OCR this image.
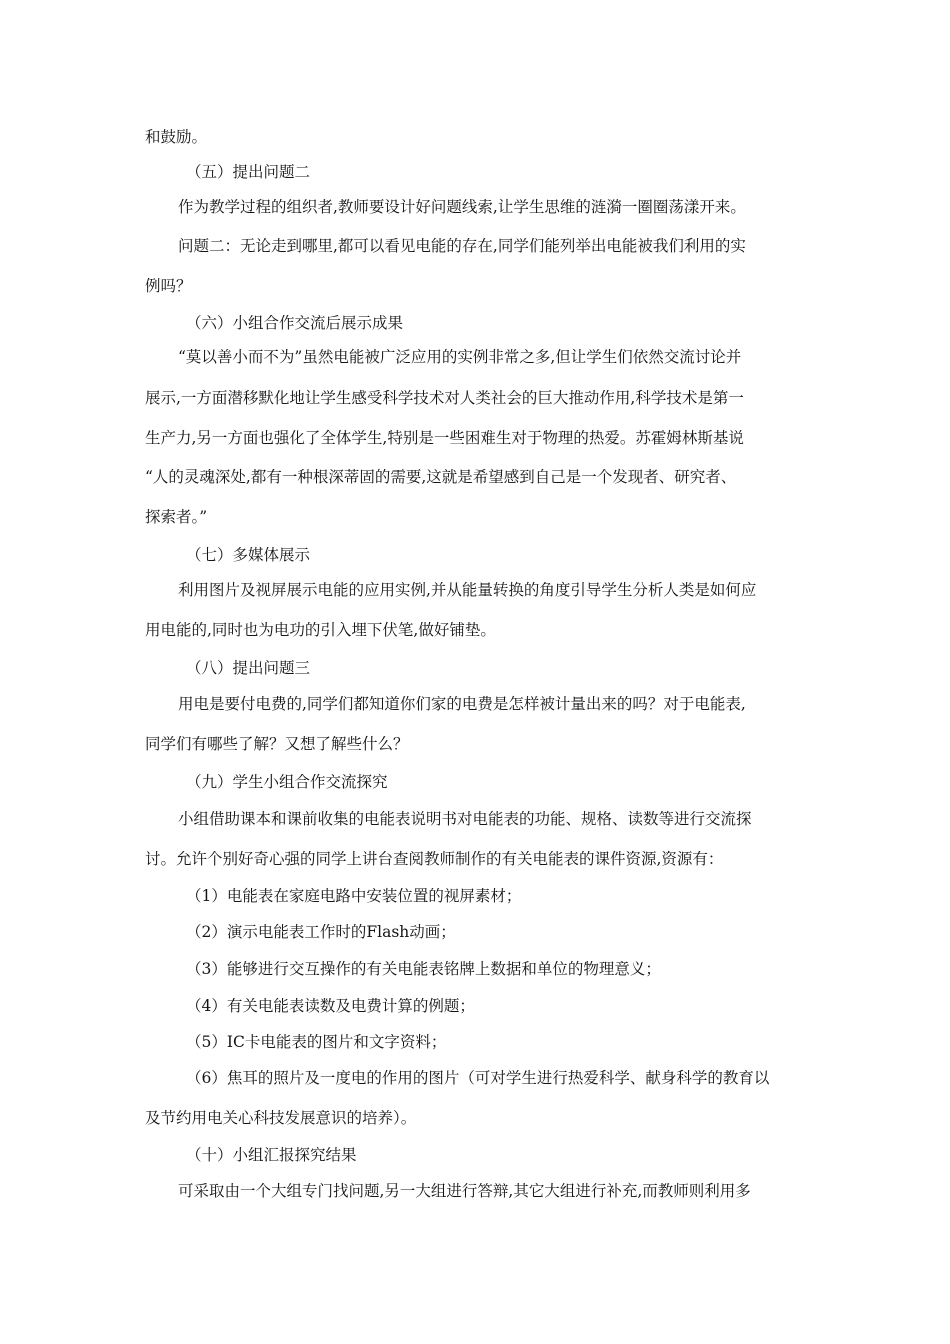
和鼓励。
（五）提出问题二
作为教学过程的组织者,教师要设计好问题线索,让学生思维的涟漪一圈圈荡漾开来。
问题二：无论走到哪里,都可以看见电能的存在,同学们能列举出电能被我们利用的实
例吗？
（六）小组合作交流后展示成果
“莫以善小而不为”虽然电能被广泛应用的实例非常之多,但让学生们依然交流讨论并
展示,一方面潜移默化地让学生感受科学技术对人类社会的巨大推动作用,科学技术是第一
生产力,另一方面也强化了全体学生,特别是一些困难生对于物理的热爱。苏霍姆林斯基说
“人的灵魂深处,都有一种根深蒂固的需要,这就是希望感到自己是一个发现者、研究者、
探索者。”
（七）多媒体展示
利用图片及视屏展示电能的应用实例,并从能量转换的角度引导学生分析人类是如何应
用电能的,同时也为电功的引入埋下伏笔,做好铺垫。
（八）提出问题三
用电是要付电费的,同学们都知道你们家的电费是怎样被计量出来的吗？对于电能表,
同学们有哪些了解？又想了解些什么？
（九）学生小组合作交流探究
小组借助课本和课前收集的电能表说明书对电能表的功能、规格、读数等进行交流探
讨。允许个别好奇心强的同学上讲台查阅教师制作的有关电能表的课件资源,资源有：
（1）电能表在家庭电路中安装位置的视屏素材；
（2）演示电能表工作时的Flash动画；
（3）能够进行交互操作的有关电能表铭牌上数据和单位的物理意义；
（4）有关电能表读数及电费计算的例题；
（5）IC卡电能表的图片和文字资料；
（6）焦耳的照片及一度电的作用的图片（可对学生进行热爱科学、献身科学的教育以
及节约用电关心科技发展意识的培养）。
（十）小组汇报探究结果
可采取由一个大组专门找问题,另一大组进行答辩,其它大组进行补充,而教师则利用多
